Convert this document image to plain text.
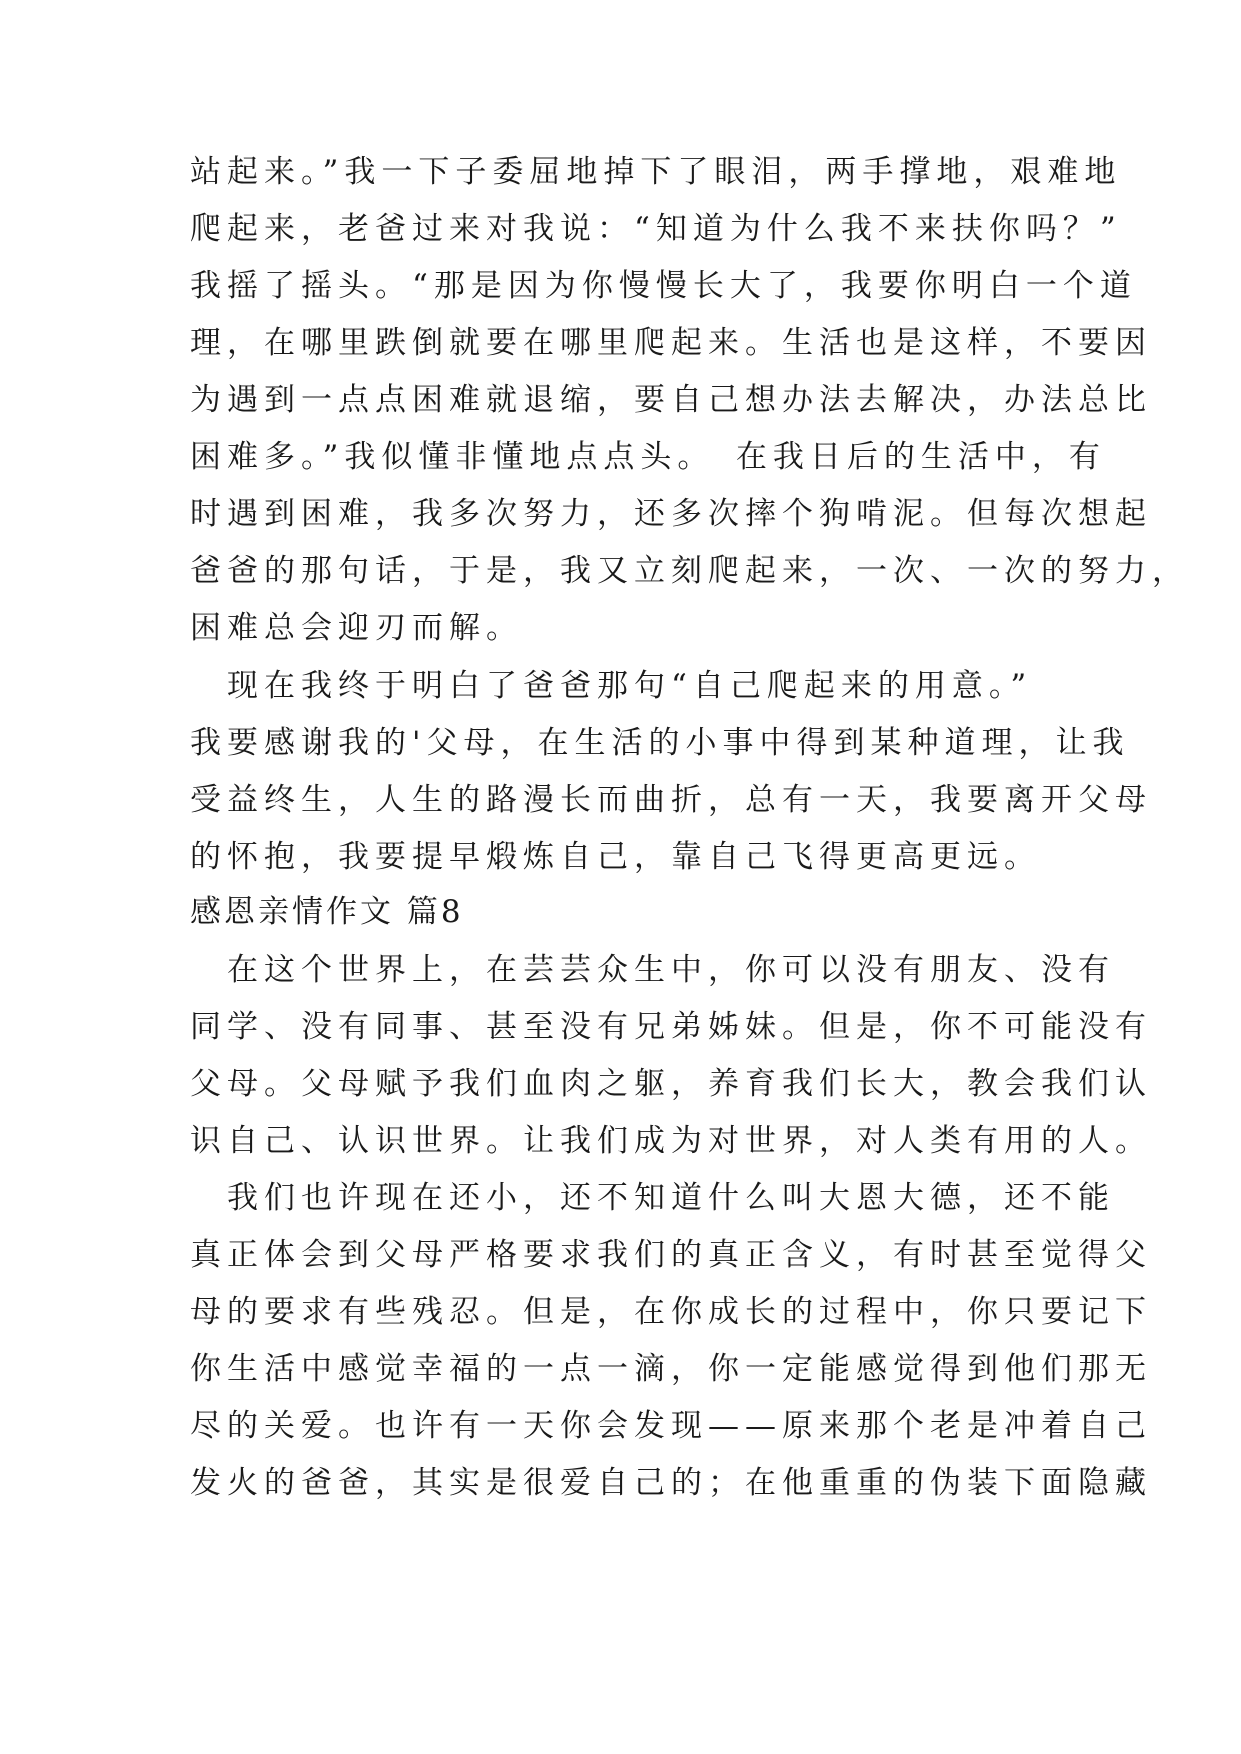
站起来。”我一下子委屈地掉下了眼泪，两手撑地，艰难地
爬起来，老爸过来对我说：“知道为什么我不来扶你吗？”
我摇了摇头。“那是因为你慢慢长大了，我要你明白一个道
理，在哪里跌倒就要在哪里爬起来。生活也是这样，不要因
为遇到一点点困难就退缩，要自己想办法去解决，办法总比
困难多。”我似懂非懂地点点头。　在我日后的生活中，有
时遇到困难，我多次努力，还多次摔个狗啃泥。但每次想起
爸爸的那句话，于是，我又立刻爬起来，一次、一次的努力，
困难总会迎刃而解。
　现在我终于明白了爸爸那句“自己爬起来的用意。”
我要感谢我的'父母，在生活的小事中得到某种道理，让我
受益终生，人生的路漫长而曲折，总有一天，我要离开父母
的怀抱，我要提早煅炼自己，靠自己飞得更高更远。
感恩亲情作文 篇8
　在这个世界上，在芸芸众生中，你可以没有朋友、没有
同学、没有同事、甚至没有兄弟姊妹。但是，你不可能没有
父母。父母赋予我们血肉之躯，养育我们长大，教会我们认
识自己、认识世界。让我们成为对世界，对人类有用的人。
　我们也许现在还小，还不知道什么叫大恩大德，还不能
真正体会到父母严格要求我们的真正含义，有时甚至觉得父
母的要求有些残忍。但是，在你成长的过程中，你只要记下
你生活中感觉幸福的一点一滴，你一定能感觉得到他们那无
尽的关爱。也许有一天你会发现——原来那个老是冲着自己
发火的爸爸，其实是很爱自己的；在他重重的伪装下面隐藏
